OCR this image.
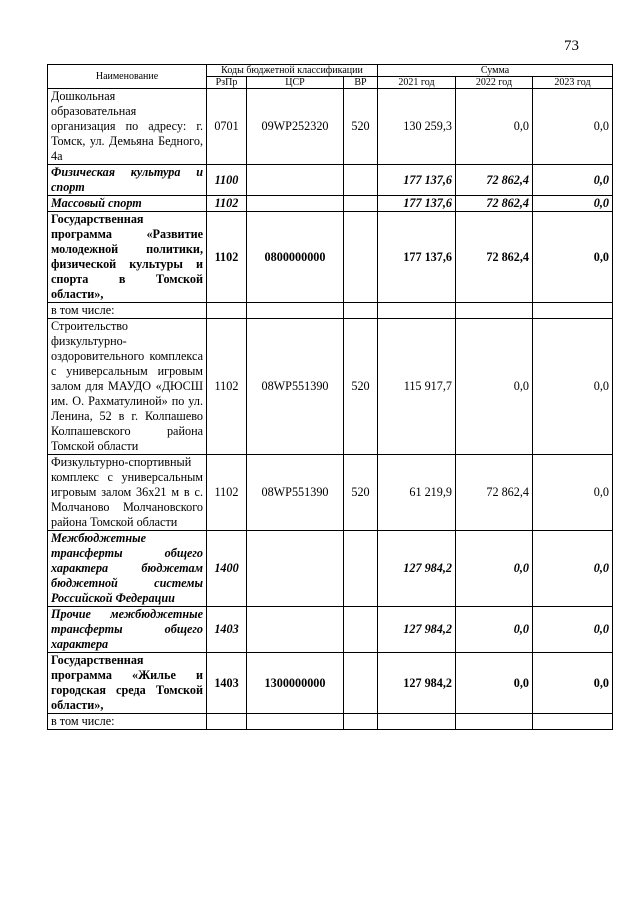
73
Наименование	Коды бюджетной классификации			Сумма		
	РзПр	ЦСР	ВР	2021 год	2022 год	2023 год
Дошкольная образовательная организация по адресу: г. Томск, ул. Демьяна Бедного, 4а	0701	09WP252320	520	130 259,3	0,0	0,0
Физическая культура и спорт	1100			177 137,6	72 862,4	0,0
Массовый спорт	1102			177 137,6	72 862,4	0,0
Государственная программа «Развитие молодежной политики, физической культуры и спорта в Томской области»,	1102	0800000000		177 137,6	72 862,4	0,0
в том числе:						
Строительство физкультурно-оздоровительного комплекса с универсальным игровым залом для МАУДО «ДЮСШ им. О. Рахматулиной» по ул. Ленина, 52 в г. Колпашево Колпашевского района Томской области	1102	08WP551390	520	115 917,7	0,0	0,0
Физкультурно-спортивный комплекс с универсальным игровым залом 36х21 м в с. Молчаново Молчановского района Томской области	1102	08WP551390	520	61 219,9	72 862,4	0,0
Межбюджетные трансферты общего характера бюджетам бюджетной системы Российской Федерации	1400			127 984,2	0,0	0,0
Прочие межбюджетные трансферты общего характера	1403			127 984,2	0,0	0,0
Государственная программа «Жилье и городская среда Томской области»,	1403	1300000000		127 984,2	0,0	0,0
в том числе:						
